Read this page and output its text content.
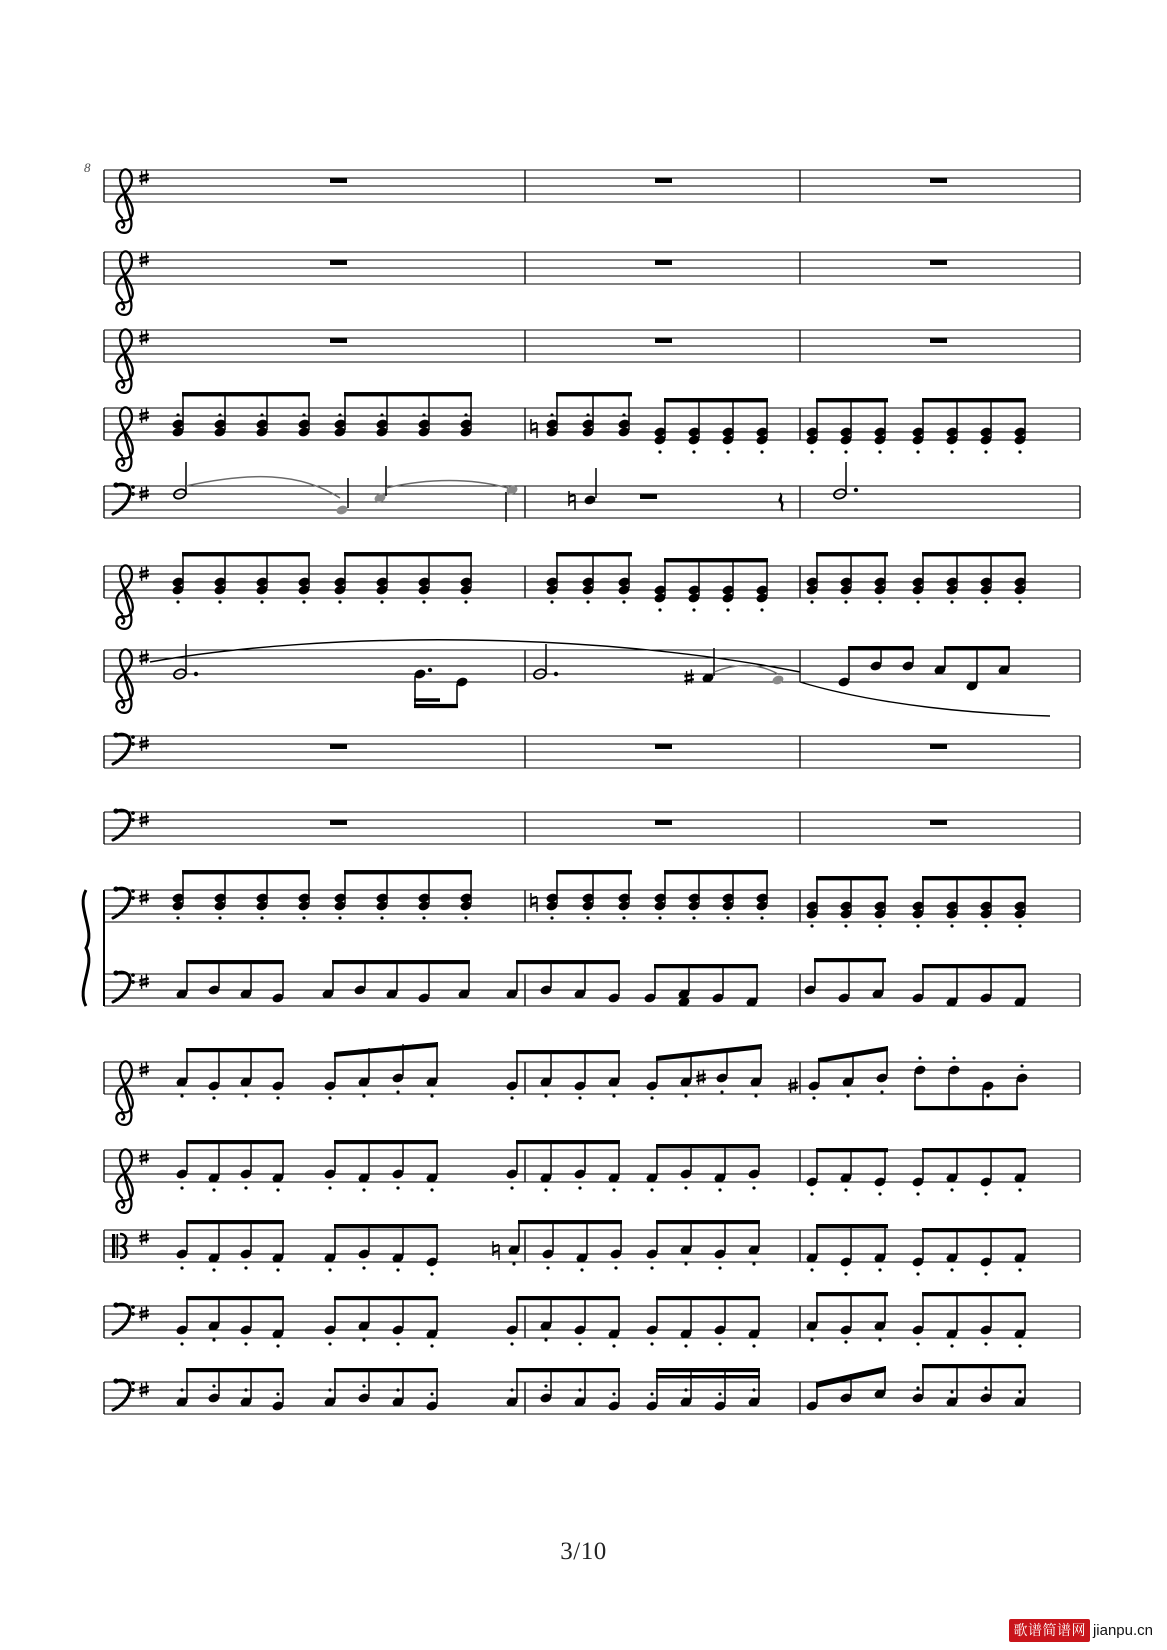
8
3/10
歌谱简谱网 jianpu.cn
